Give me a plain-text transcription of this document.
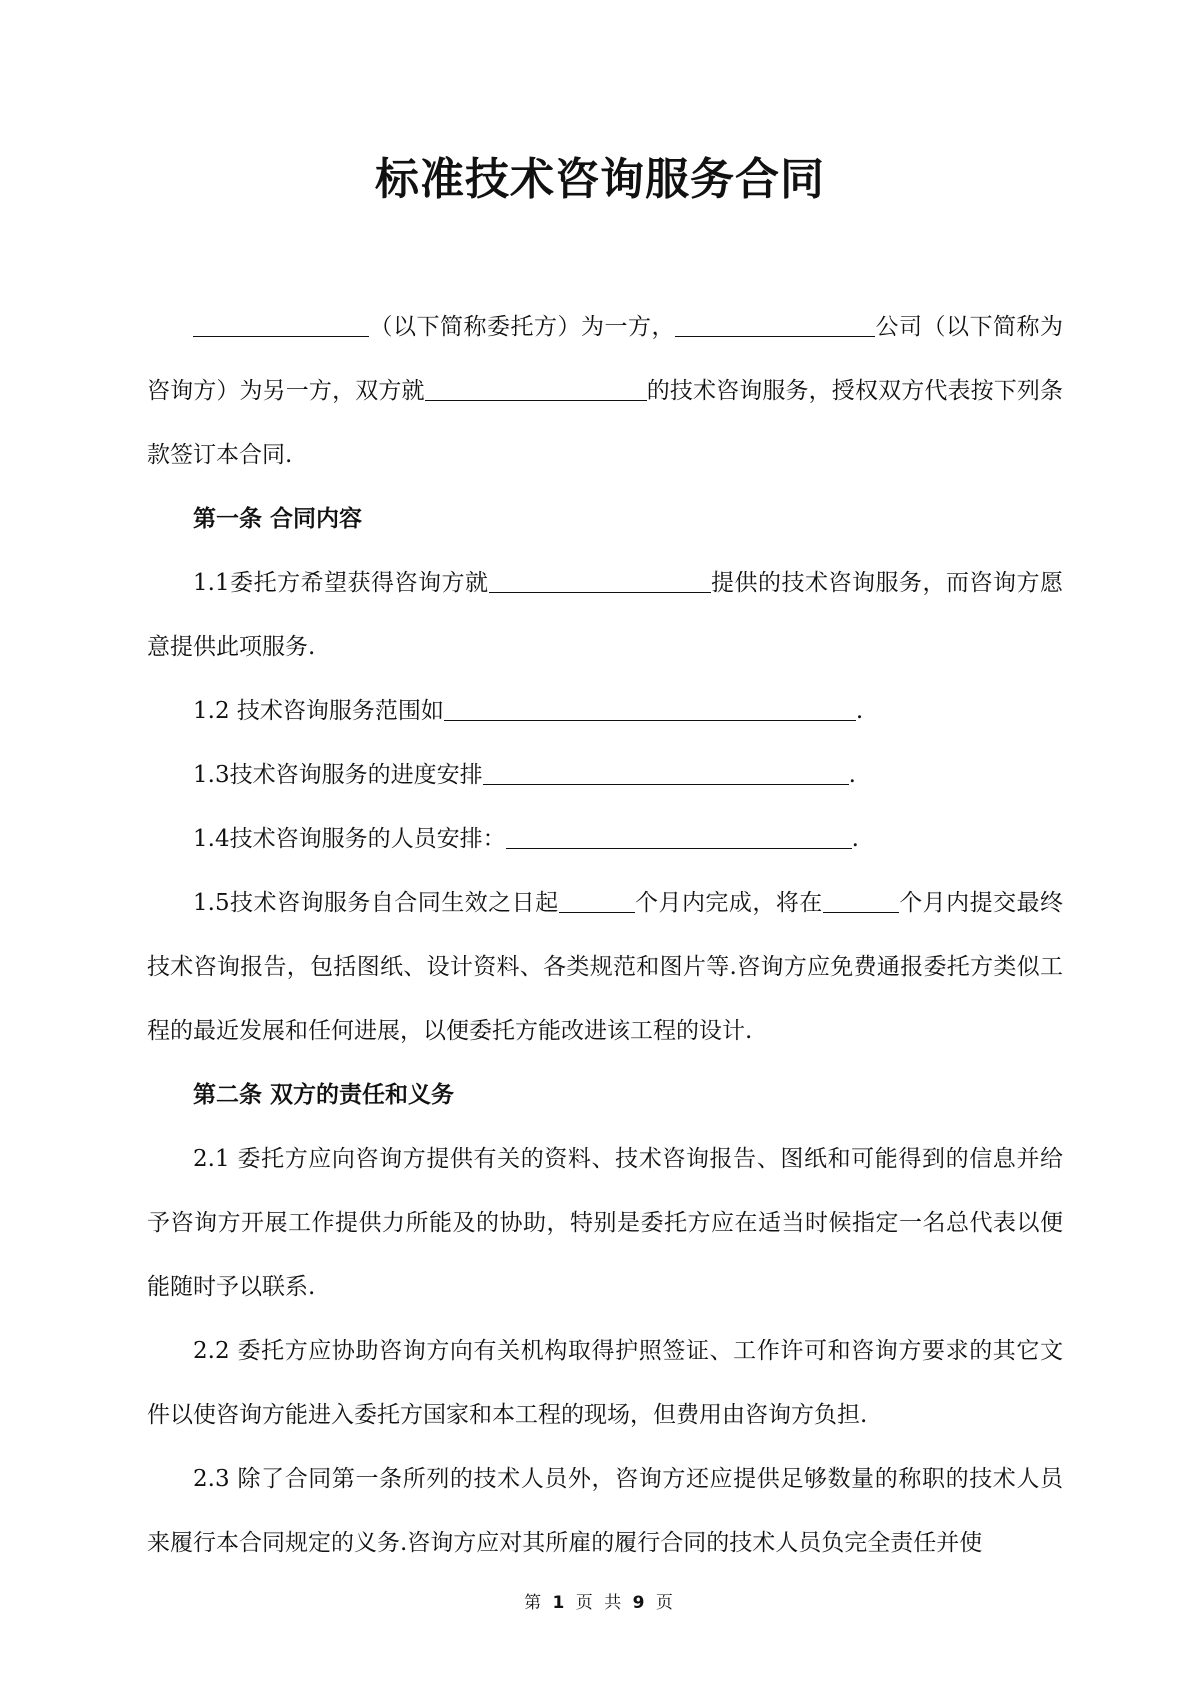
标准技术咨询服务合同

（以下简称委托方）为一方，	公司（以下简称为咨询方）为另一方，双方就	的技术咨询服务，授权双方代表按下列条款签订本合同.

第一条 合同内容

1.1委托方希望获得咨询方就	提供的技术咨询服务，而咨询方愿意提供此项服务.

1.2 技术咨询服务范围如	.

1.3技术咨询服务的进度安排	.

1.4技术咨询服务的人员安排：	.

1.5技术咨询服务自合同生效之日起	个月内完成，将在	个月内提交最终技术咨询报告，包括图纸、设计资料、各类规范和图片等.咨询方应免费通报委托方类似工程的最近发展和任何进展，以便委托方能改进该工程的设计.

第二条 双方的责任和义务

2.1 委托方应向咨询方提供有关的资料、技术咨询报告、图纸和可能得到的信息并给予咨询方开展工作提供力所能及的协助，特别是委托方应在适当时候指定一名总代表以便能随时予以联系.

2.2 委托方应协助咨询方向有关机构取得护照签证、工作许可和咨询方要求的其它文件以使咨询方能进入委托方国家和本工程的现场，但费用由咨询方负担.

2.3 除了合同第一条所列的技术人员外，咨询方还应提供足够数量的称职的技术人员来履行本合同规定的义务.咨询方应对其所雇的履行合同的技术人员负完全责任并使

第 1 页 共 9 页
